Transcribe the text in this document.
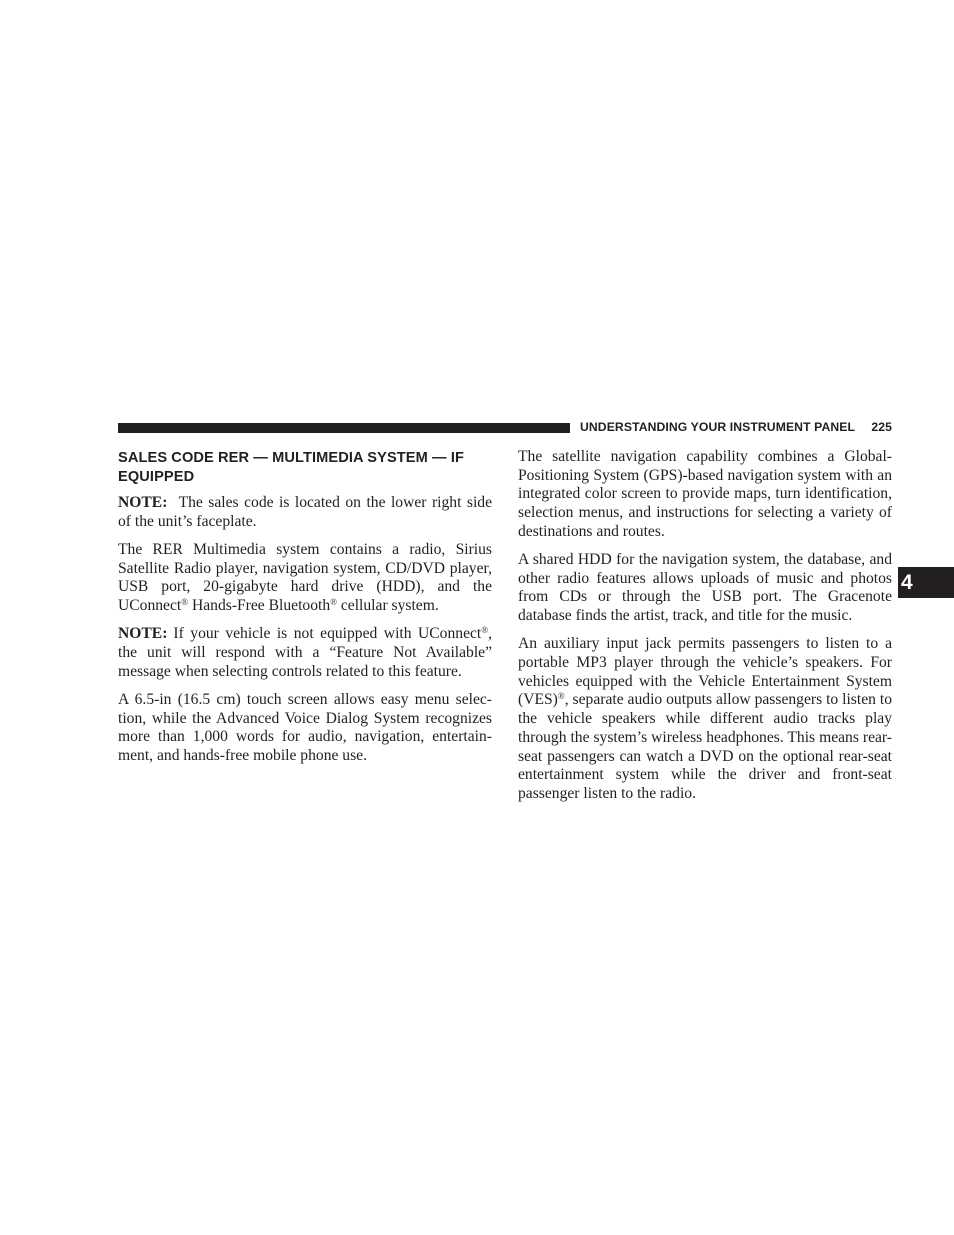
UNDERSTANDING YOUR INSTRUMENT PANEL 225
4
SALES CODE RER — MULTIMEDIA SYSTEM — IF EQUIPPED

NOTE: The sales code is located on the lower right side of the unit’s faceplate.

The RER Multimedia system contains a radio, Sirius Satellite Radio player, navigation system, CD/DVD player, USB port, 20-gigabyte hard drive (HDD), and the UConnect® Hands-Free Bluetooth® cellular system.

NOTE: If your vehicle is not equipped with UConnect®, the unit will respond with a “Feature Not Available” message when selecting controls related to this feature.

A 6.5-in (16.5 cm) touch screen allows easy menu selection, while the Advanced Voice Dialog System recognizes more than 1,000 words for audio, navigation, entertainment, and hands-free mobile phone use.

The satellite navigation capability combines a Global-Positioning System (GPS)-based navigation system with an integrated color screen to provide maps, turn identification, selection menus, and instructions for selecting a variety of destinations and routes.

A shared HDD for the navigation system, the database, and other radio features allows uploads of music and photos from CDs or through the USB port. The Gracenote database finds the artist, track, and title for the music.

An auxiliary input jack permits passengers to listen to a portable MP3 player through the vehicle’s speakers. For vehicles equipped with the Vehicle Entertainment System (VES)®, separate audio outputs allow passengers to listen to the vehicle speakers while different audio tracks play through the system’s wireless headphones. This means rear-seat passengers can watch a DVD on the optional rear-seat entertainment system while the driver and front-seat passenger listen to the radio.
